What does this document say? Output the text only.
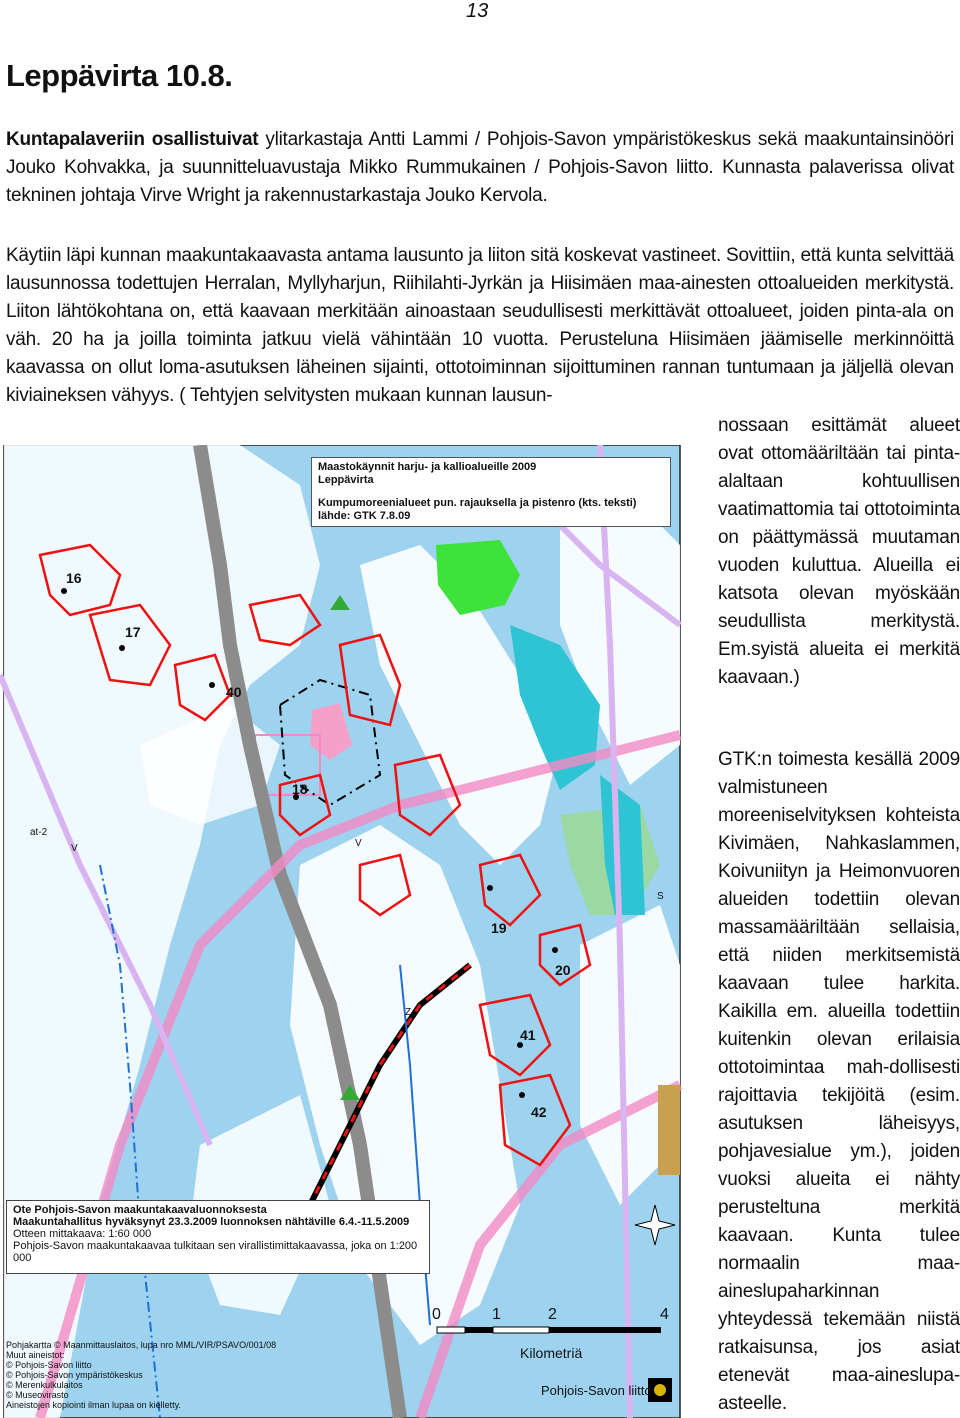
13
Leppävirta 10.8.

Kuntapalaveriin osallistuivat ylitarkastaja Antti Lammi / Pohjois-Savon ympäristökeskus sekä maakuntainsinööri Jouko Kohvakka, ja suunnitteluavustaja Mikko Rummukainen / Pohjois-Savon liitto. Kunnasta palaverissa olivat tekninen johtaja Virve Wright ja rakennustarkastaja Jouko Kervola.

Käytiin läpi kunnan maakuntakaavasta antama lausunto ja liiton sitä koskevat vastineet. Sovittiin, että kunta selvittää lausunnossa todettujen Herralan, Myllyharjun, Riihilahti-Jyrkän ja Hiisimäen maa-ainesten ottoalueiden merkitystä. Liiton lähtökohtana on, että kaavaan merkitään ainoastaan seudullisesti merkittävät ottoalueet, joiden pinta-ala on väh. 20 ha ja joilla toiminta jatkuu vielä vähintään 10 vuotta. Perusteluna Hiisimäen jäämiselle merkinnöittä kaavassa on ollut loma-asutuksen läheinen sijainti, ottotoiminnan sijoittuminen rannan tuntumaan ja jäljellä olevan kiviaineksen vähyys. ( Tehtyjen selvitysten mukaan kunnan lausun-

nossaan esittämät alueet ovat ottomääriltään tai pinta-alaltaan kohtuullisen vaatimattomia tai ottotoiminta on päättymässä muutaman vuoden kuluttua. Alueilla ei katsota olevan myöskään seudullista merkitystä. Em.syistä alueita ei merkitä kaavaan.)

GTK:n toimesta kesällä 2009 valmistuneen moreeniselvityksen kohteista Kivimäen, Nahkaslammen, Koivuniityn ja Heimonvuoren alueiden todettiin olevan massamääriltään sellaisia, että niiden merkitsemistä kaavaan tulee harkita. Kaikilla em. alueilla todettiin kuitenkin olevan erilaisia ottotoimintaa mah-dollisesti rajoittavia tekijöitä (esim. asutuksen läheisyys, pohjavesialue ym.), joiden vuoksi alueita ei nähty perusteltuna merkitä kaavaan. Kunta tulee normaalin maa-aineslupaharkinnan yhteydessä tekemään niistä ratkaisunsa, jos asiat etenevät maa-aineslupa-asteelle.

Maastokäynnit harju- ja kallioalueille 2009
Leppävirta
Kumpumoreenialueet pun. rajauksella ja pistenro (kts. teksti)
lähde: GTK 7.8.09
16
17
40
18
19
20
41
42
at-2
V	V
Z
S
Ote Pohjois-Savon maakuntakaavaluonnoksesta
Maakuntahallitus hyväksynyt 23.3.2009 luonnoksen nähtäville 6.4.-11.5.2009
Otteen mittakaava: 1:60 000
Pohjois-Savon maakuntakaavaa tulkitaan sen virallistimittakaavassa, joka on 1:200 000
Pohjakartta © Maanmittauslaitos, lupa nro MML/VIR/PSAVO/001/08
Muut aineistot:
© Pohjois-Savon liitto
© Pohjois-Savon ympäristökeskus
© Merenkulkulaitos
© Museovirasto
Aineistojen kopiointi ilman lupaa on kielletty.
0	1	2	4
Kilometriä
Pohjois-Savon liitto
